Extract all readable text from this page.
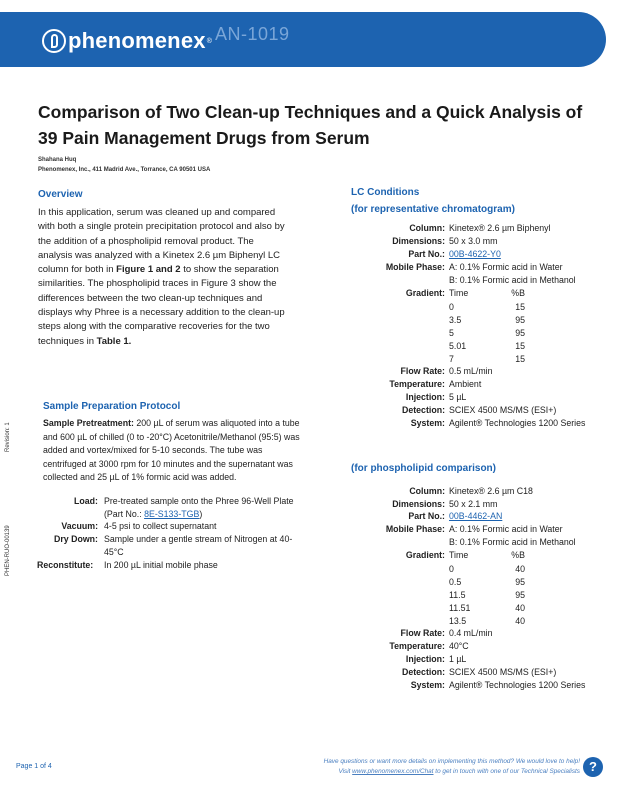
phenomenex ® AN-1019
Comparison of Two Clean-up Techniques and a Quick Analysis of 39 Pain Management Drugs from Serum
Shahana Huq
Phenomenex, Inc., 411 Madrid Ave., Torrance, CA 90501 USA
Revision: 1
PHEN-RUO-00139
Overview
In this application, serum was cleaned up and compared with both a single protein precipitation protocol and also by the addition of a phospholipid removal product. The analysis was analyzed with a Kinetex 2.6 µm Biphenyl LC column for both in Figure 1 and 2 to show the separation similarities. The phospholipid traces in Figure 3 show the differences between the two clean-up techniques and displays why Phree is a necessary addition to the clean-up steps along with the comparative recoveries for the two techniques in Table 1.
Sample Preparation Protocol
Sample Pretreatment: 200 µL of serum was aliquoted into a tube and 600 µL of chilled (0 to -20°C) Acetonitrile/Methanol (95:5) was added and vortex/mixed for 5-10 seconds. The tube was centrifuged at 3000 rpm for 10 minutes and the supernatant was collected and 25 µL of 1% formic acid was added.
Load: Pre-treated sample onto the Phree 96-Well Plate (Part No.: 8E-S133-TGB)
Vacuum: 4-5 psi to collect supernatant
Dry Down: Sample under a gentle stream of Nitrogen at 40-45°C
Reconstitute:	In 200 µL initial mobile phase
LC Conditions
(for representative chromatogram)
Column: Kinetex® 2.6 µm Biphenyl
Dimensions: 50 x 3.0 mm
Part No.: 00B-4622-Y0
Mobile Phase: A: 0.1% Formic acid in Water
B: 0.1% Formic acid in Methanol
Gradient: Time	%B
0	15
3.5	95
5	95
5.01	15
7	15
Flow Rate: 0.5 mL/min
Temperature: Ambient
Injection: 5 µL
Detection: SCIEX 4500 MS/MS (ESI+)
System: Agilent® Technologies 1200 Series
(for phospholipid comparison)
Column: Kinetex® 2.6 µm C18
Dimensions: 50 x 2.1 mm
Part No.: 00B-4462-AN
Mobile Phase: A: 0.1% Formic acid in Water
B: 0.1% Formic acid in Methanol
Gradient: Time	%B
0	40
0.5	95
11.5	95
11.51	40
13.5	40
Flow Rate: 0.4 mL/min
Temperature: 40°C
Injection: 1 µL
Detection: SCIEX 4500 MS/MS (ESI+)
System: Agilent® Technologies 1200 Series
Page 1 of 4
Have questions or want more details on implementing this method? We would love to help!
Visit www.phenomenex.com/Chat to get in touch with one of our Technical Specialists ?
